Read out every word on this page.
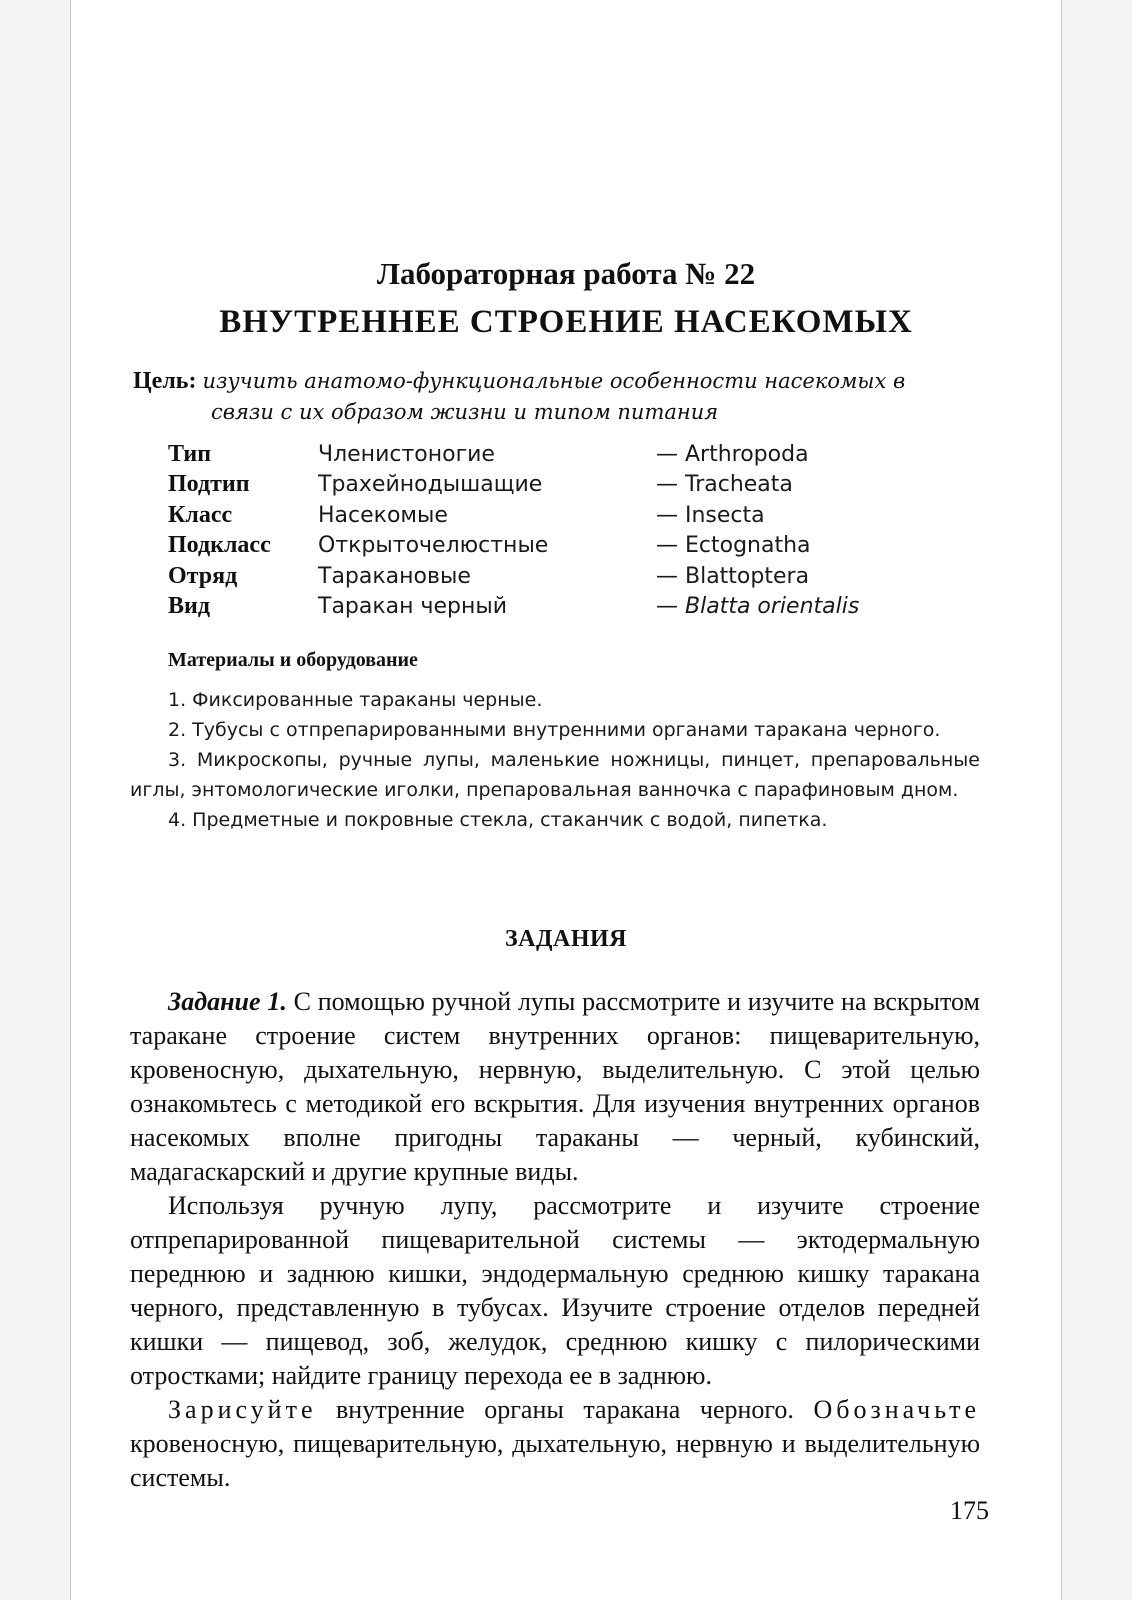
Лабораторная работа № 22
ВНУТРЕННЕЕ СТРОЕНИЕ НАСЕКОМЫХ
Цель: изучить анатомо-функциональные особенности насекомых в
связи с их образом жизни и типом питания
Тип	Членистоногие	— Arthropoda
Подтип	Трахейнодышащие	— Tracheata
Класс	Насекомые	— Insecta
Подкласс	Открыточелюстные	— Ectognatha
Отряд	Таракановые	— Blattoptera
Вид	Таракан черный	— Blatta orientalis
Материалы и оборудование

1. Фиксированные тараканы черные.

2. Тубусы с отпрепарированными внутренними органами таракана черного.

3. Микроскопы, ручные лупы, маленькие ножницы, пинцет, препаровальные иглы, энтомологические иголки, препаровальная ванночка с парафиновым дном.

4. Предметные и покровные стекла, стаканчик с водой, пипетка.

ЗАДАНИЯ

Задание 1. С помощью ручной лупы рассмотрите и изучите на вскрытом таракане строение систем внутренних органов: пищеварительную, кровеносную, дыхательную, нервную, выделительную. С этой целью ознакомьтесь с методикой его вскрытия. Для изучения внутренних органов насекомых вполне пригодны тараканы — черный, кубинский, мадагаскарский и другие крупные виды.

Используя ручную лупу, рассмотрите и изучите строение отпрепарированной пищеварительной системы — эктодермальную переднюю и заднюю кишки, эндодермальную среднюю кишку таракана черного, представленную в тубусах. Изучите строение отделов передней кишки — пищевод, зоб, желудок, среднюю кишку с пилорическими отростками; найдите границу перехода ее в заднюю.

Зарисуйте внутренние органы таракана черного. Обозначьте кровеносную, пищеварительную, дыхательную, нервную и выделительную системы.

175
